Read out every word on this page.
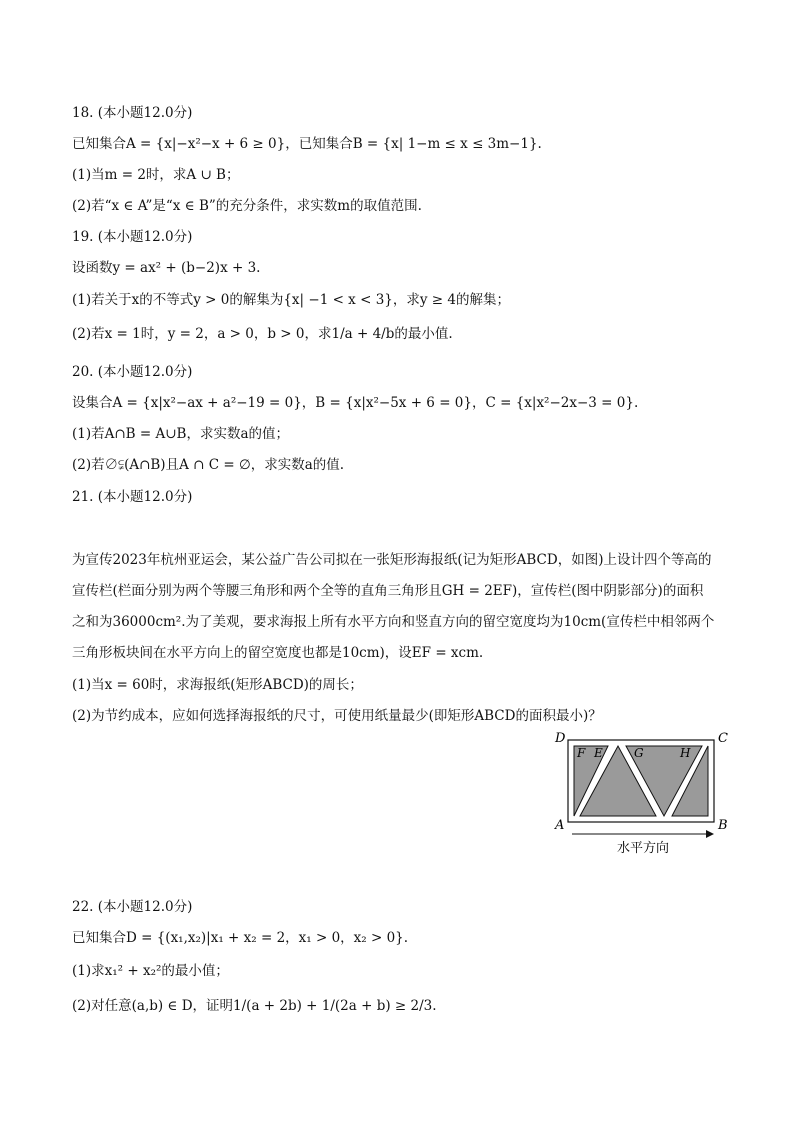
18. (本小题12.0分)
已知集合A = {x|−x²−x + 6 ≥ 0}，已知集合B = {x| 1−m ≤ x ≤ 3m−1}.
(1)当m = 2时，求A ∪ B；
(2)若“x ∈ A”是“x ∈ B”的充分条件，求实数m的取值范围.
19. (本小题12.0分)
设函数y = ax² + (b−2)x + 3.
(1)若关于x的不等式y > 0的解集为{x| −1 < x < 3}，求y ≥ 4的解集；
(2)若x = 1时，y = 2，a > 0，b > 0，求1/a + 4/b的最小值.
20. (本小题12.0分)
设集合A = {x|x²−ax + a²−19 = 0}，B = {x|x²−5x + 6 = 0}，C = {x|x²−2x−3 = 0}.
(1)若A∩B = A∪B，求实数a的值；
(2)若∅⫋(A∩B)且A ∩ C = ∅，求实数a的值.
21. (本小题12.0分)
为宣传2023年杭州亚运会，某公益广告公司拟在一张矩形海报纸(记为矩形ABCD，如图)上设计四个等高的
宣传栏(栏面分别为两个等腰三角形和两个全等的直角三角形且GH = 2EF)，宣传栏(图中阴影部分)的面积
之和为36000cm².为了美观，要求海报上所有水平方向和竖直方向的留空宽度均为10cm(宣传栏中相邻两个
三角形板块间在水平方向上的留空宽度也都是10cm)，设EF = xcm.
(1)当x = 60时，求海报纸(矩形ABCD)的周长；
(2)为节约成本，应如何选择海报纸的尺寸，可使用纸量最少(即矩形ABCD的面积最小)？
D	C
A	B
F E	G	H
水平方向
22. (本小题12.0分)
已知集合D = {(x₁,x₂)|x₁ + x₂ = 2，x₁ > 0，x₂ > 0}.
(1)求x₁² + x₂²的最小值；
(2)对任意(a,b) ∈ D，证明1/(a + 2b) + 1/(2a + b) ≥ 2/3.
